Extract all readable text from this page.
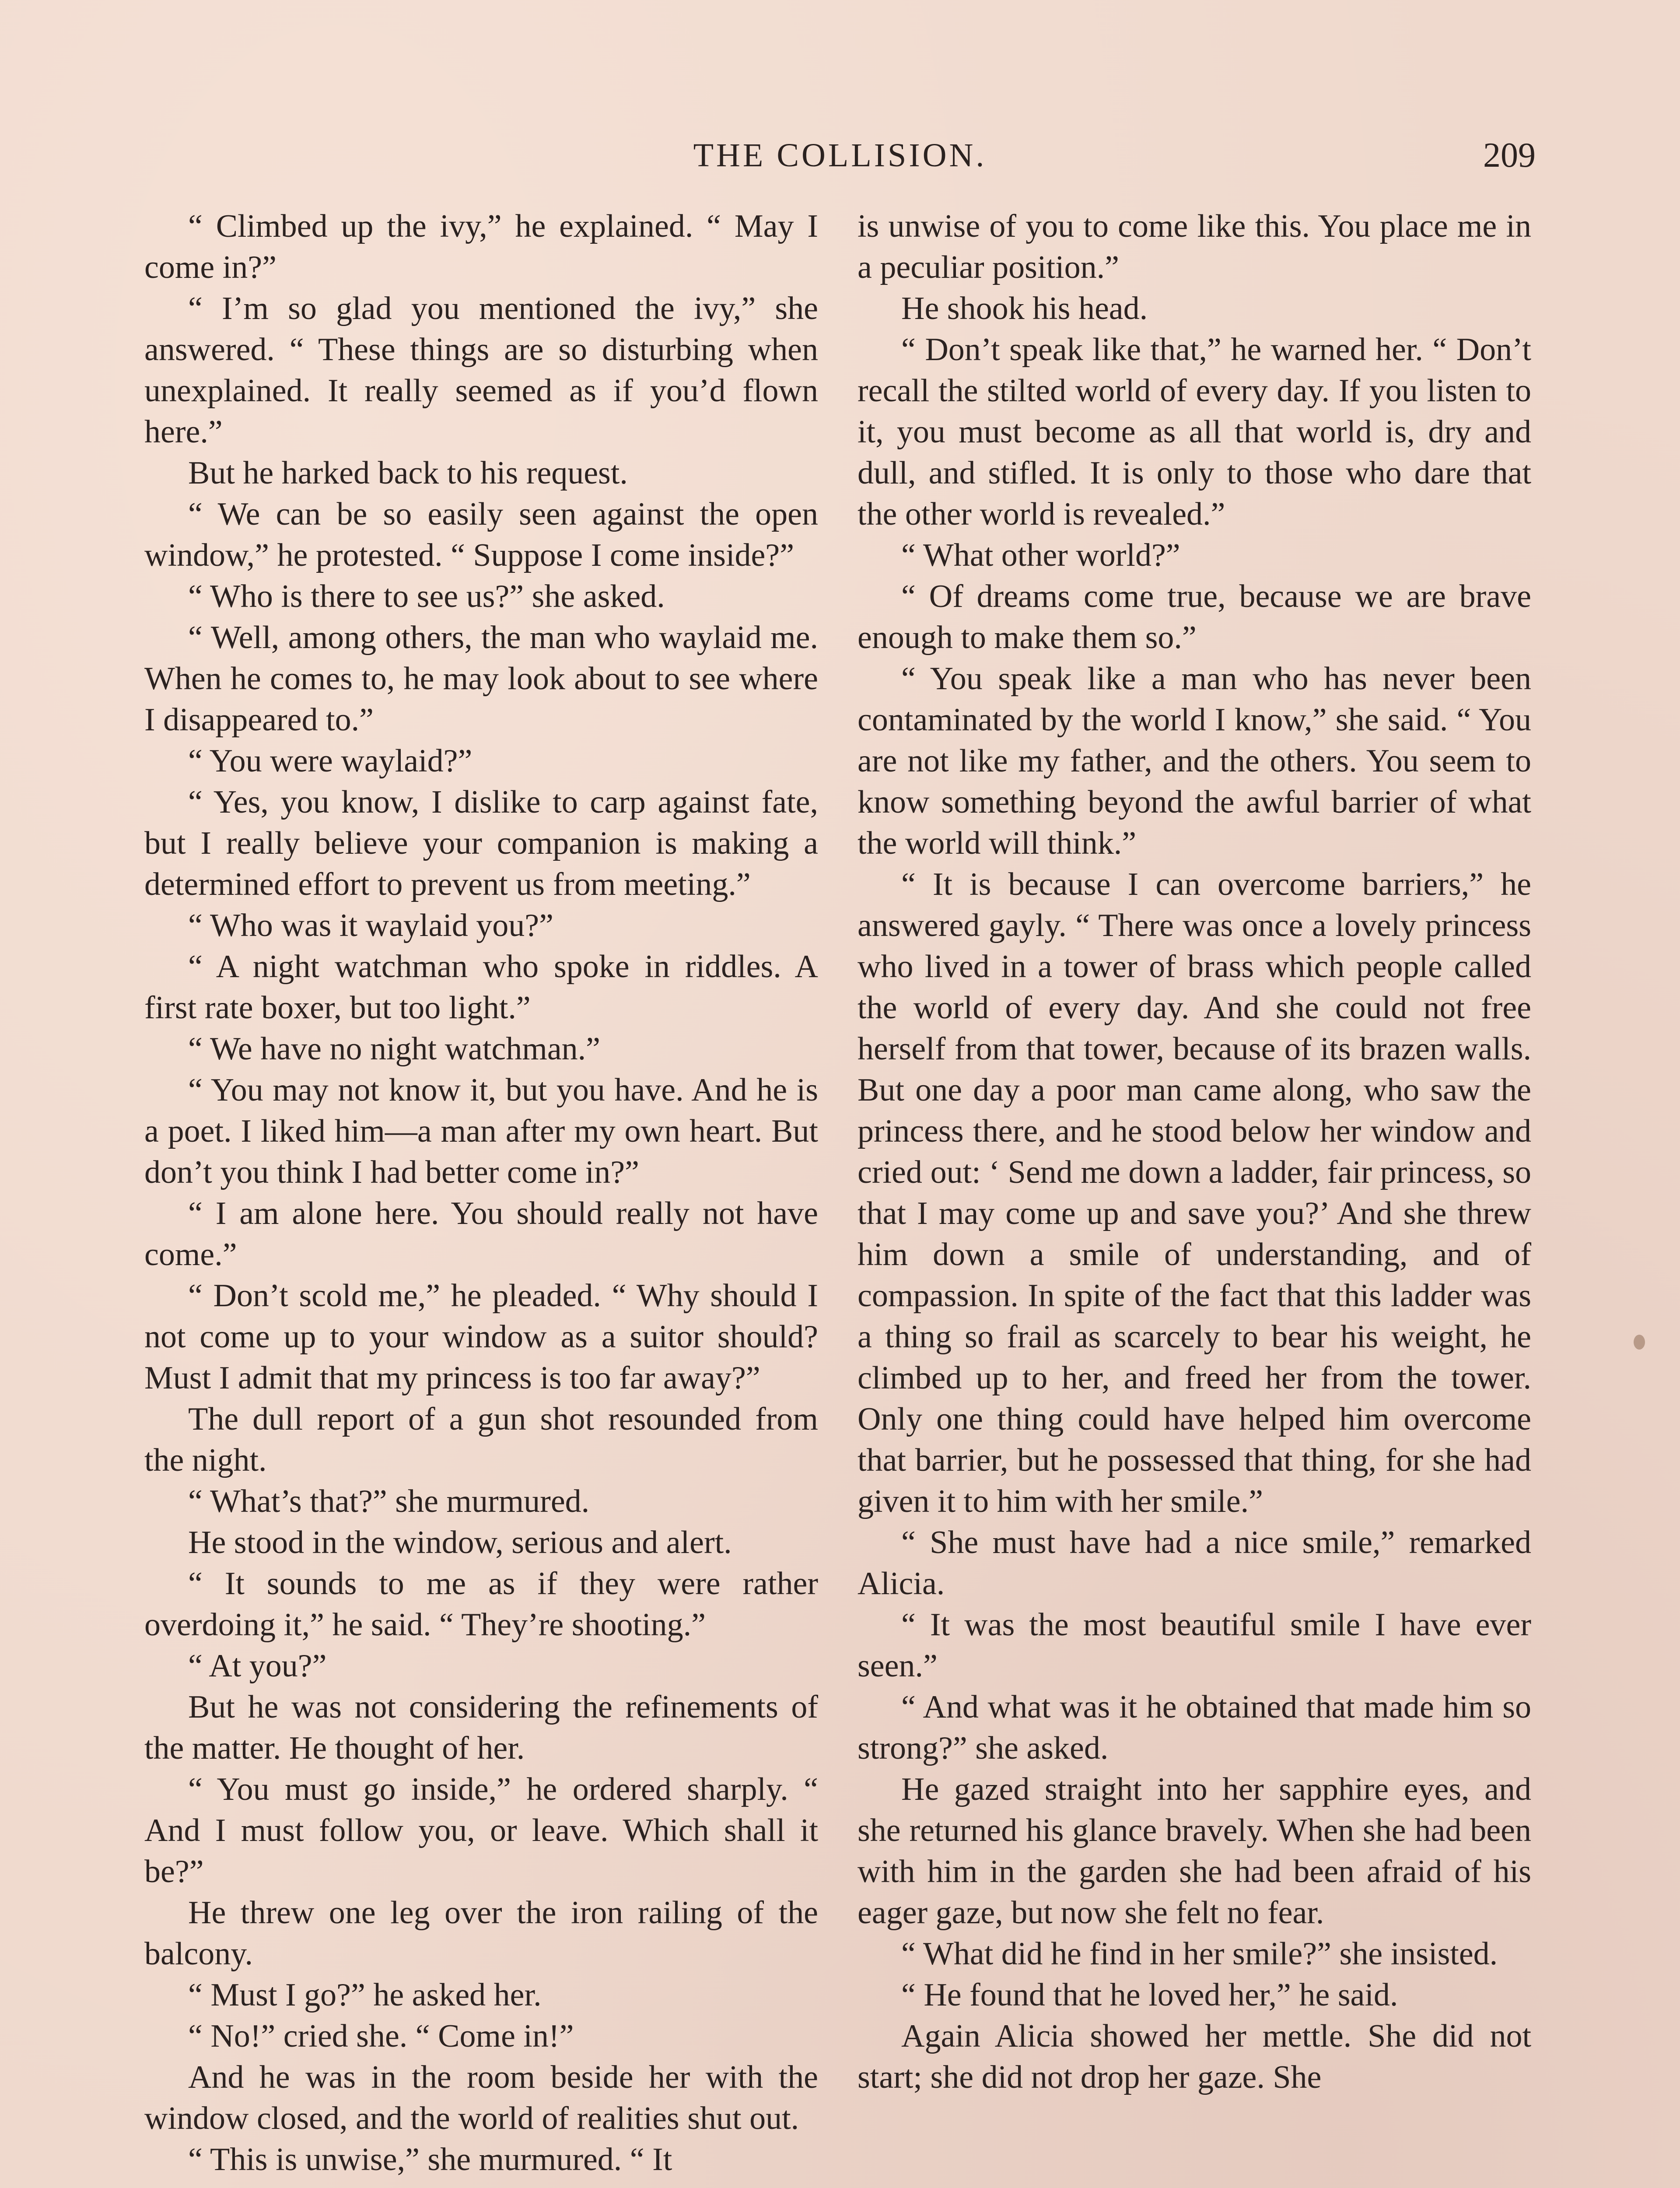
THE COLLISION.	209

“ Climbed up the ivy,” he explained. “ May I come in?”

“ I’m so glad you mentioned the ivy,” she answered. “ These things are so disturbing when unexplained. It really seemed as if you’d flown here.”

But he harked back to his request.

“ We can be so easily seen against the open window,” he protested. “ Suppose I come inside?”

“ Who is there to see us?” she asked.

“ Well, among others, the man who waylaid me. When he comes to, he may look about to see where I disappeared to.”

“ You were waylaid?”

“ Yes, you know, I dislike to carp against fate, but I really believe your companion is making a determined effort to prevent us from meeting.”

“ Who was it waylaid you?”

“ A night watchman who spoke in riddles. A first rate boxer, but too light.”

“ We have no night watchman.”

“ You may not know it, but you have. And he is a poet. I liked him—a man after my own heart. But don’t you think I had better come in?”

“ I am alone here. You should really not have come.”

“ Don’t scold me,” he pleaded. “ Why should I not come up to your window as a suitor should? Must I admit that my princess is too far away?”

The dull report of a gun shot resounded from the night.

“ What’s that?” she murmured.

He stood in the window, serious and alert.

“ It sounds to me as if they were rather overdoing it,” he said. “ They’re shooting.”

“ At you?”

But he was not considering the refinements of the matter. He thought of her.

“ You must go inside,” he ordered sharply. “ And I must follow you, or leave. Which shall it be?”

He threw one leg over the iron railing of the balcony.

“ Must I go?” he asked her.

“ No!” cried she. “ Come in!”

And he was in the room beside her with the window closed, and the world of realities shut out.

“ This is unwise,” she murmured. “ It

is unwise of you to come like this. You place me in a peculiar position.”

He shook his head.

“ Don’t speak like that,” he warned her. “ Don’t recall the stilted world of every day. If you listen to it, you must become as all that world is, dry and dull, and stifled. It is only to those who dare that the other world is revealed.”

“ What other world?”

“ Of dreams come true, because we are brave enough to make them so.”

“ You speak like a man who has never been contaminated by the world I know,” she said. “ You are not like my father, and the others. You seem to know something beyond the awful barrier of what the world will think.”

“ It is because I can overcome barriers,” he answered gayly. “ There was once a lovely princess who lived in a tower of brass which people called the world of every day. And she could not free herself from that tower, because of its brazen walls. But one day a poor man came along, who saw the princess there, and he stood below her window and cried out: ‘ Send me down a ladder, fair princess, so that I may come up and save you?’ And she threw him down a smile of understanding, and of compassion. In spite of the fact that this ladder was a thing so frail as scarcely to bear his weight, he climbed up to her, and freed her from the tower. Only one thing could have helped him overcome that barrier, but he possessed that thing, for she had given it to him with her smile.”

“ She must have had a nice smile,” remarked Alicia.

“ It was the most beautiful smile I have ever seen.”

“ And what was it he obtained that made him so strong?” she asked.

He gazed straight into her sapphire eyes, and she returned his glance bravely. When she had been with him in the garden she had been afraid of his eager gaze, but now she felt no fear.

“ What did he find in her smile?” she insisted.

“ He found that he loved her,” he said.

Again Alicia showed her mettle. She did not start; she did not drop her gaze. She
